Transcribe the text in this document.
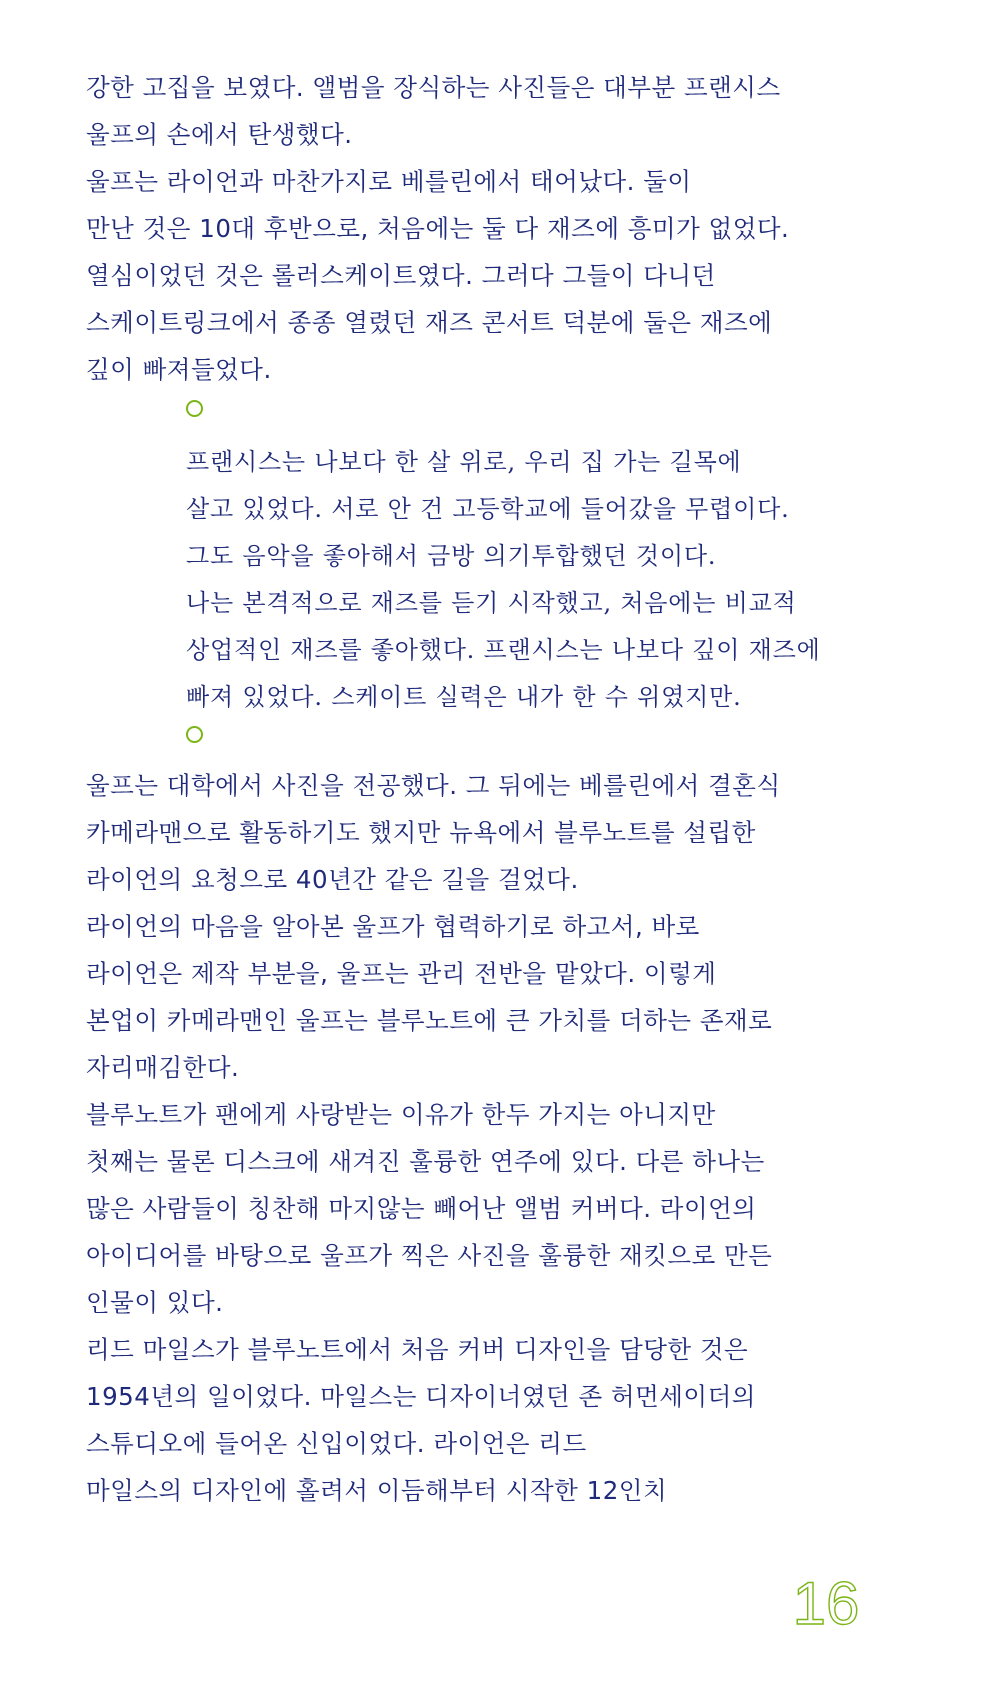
강한 고집을 보였다. 앨범을 장식하는 사진들은 대부분 프랜시스
울프의 손에서 탄생했다.
울프는 라이언과 마찬가지로 베를린에서 태어났다. 둘이
만난 것은 10대 후반으로, 처음에는 둘 다 재즈에 흥미가 없었다.
열심이었던 것은 롤러스케이트였다. 그러다 그들이 다니던
스케이트링크에서 종종 열렸던 재즈 콘서트 덕분에 둘은 재즈에
깊이 빠져들었다.
프랜시스는 나보다 한 살 위로, 우리 집 가는 길목에
살고 있었다. 서로 안 건 고등학교에 들어갔을 무렵이다.
그도 음악을 좋아해서 금방 의기투합했던 것이다.
나는 본격적으로 재즈를 듣기 시작했고, 처음에는 비교적
상업적인 재즈를 좋아했다. 프랜시스는 나보다 깊이 재즈에
빠져 있었다. 스케이트 실력은 내가 한 수 위였지만.
울프는 대학에서 사진을 전공했다. 그 뒤에는 베를린에서 결혼식
카메라맨으로 활동하기도 했지만 뉴욕에서 블루노트를 설립한
라이언의 요청으로 40년간 같은 길을 걸었다.
라이언의 마음을 알아본 울프가 협력하기로 하고서, 바로
라이언은 제작 부분을, 울프는 관리 전반을 맡았다. 이렇게
본업이 카메라맨인 울프는 블루노트에 큰 가치를 더하는 존재로
자리매김한다.
블루노트가 팬에게 사랑받는 이유가 한두 가지는 아니지만
첫째는 물론 디스크에 새겨진 훌륭한 연주에 있다. 다른 하나는
많은 사람들이 칭찬해 마지않는 빼어난 앨범 커버다. 라이언의
아이디어를 바탕으로 울프가 찍은 사진을 훌륭한 재킷으로 만든
인물이 있다.
리드 마일스가 블루노트에서 처음 커버 디자인을 담당한 것은
1954년의 일이었다. 마일스는 디자이너였던 존 허먼세이더의
스튜디오에 들어온 신입이었다. 라이언은 리드
마일스의 디자인에 홀려서 이듬해부터 시작한 12인치
16
